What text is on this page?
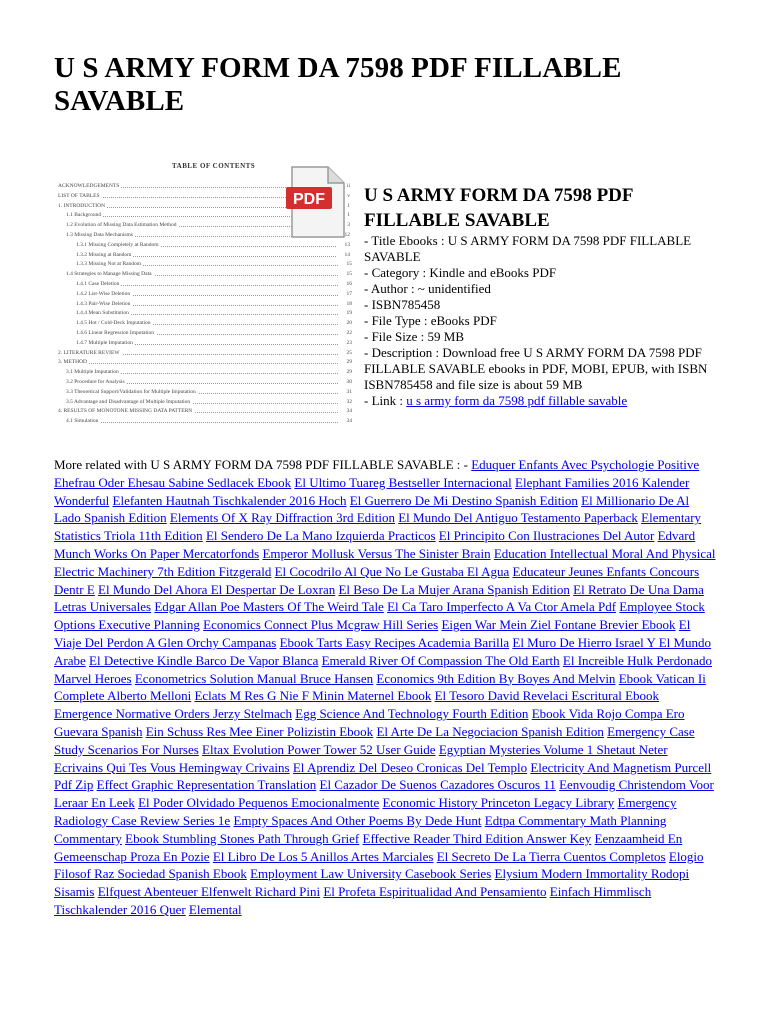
U S ARMY FORM DA 7598 PDF FILLABLE SAVABLE
TABLE OF CONTENTS
ACKNOWLEDGEMENTS	ii
LIST OF TABLES	v
1. INTRODUCTION	1
1.1 Background	1
1.2 Evolution of Missing Data Estimation Method	3
1.3 Missing Data Mechanisms	12
1.3.1 Missing Completely at Random	13
1.3.2 Missing at Random	14
1.3.3 Missing Not at Random	15
1.4 Strategies to Manage Missing Data	15
1.4.1 Case Deletion	16
1.4.2 List-Wise Deletion	17
1.4.3 Pair-Wise Deletion	18
1.4.4 Mean Substitution	19
1.4.5 Hot / Cold-Deck Imputation	20
1.4.6 Linear Regression Imputation	22
1.4.7 Multiple Imputation	23
2. LITERATURE REVIEW	25
3. METHOD	29
3.1 Multiple Imputation	29
3.2 Procedure for Analysis	30
3.3 Theoretical Support/Validation for Multiple Imputation	31
3.5 Advantage and Disadvantage of Multiple Imputation	32
4. RESULTS OF MONOTONE MISSING DATA PATTERN	34
4.1 Simulation	34
PDF U S ARMY FORM DA 7598 PDF FILLABLE SAVABLE
- Title Ebooks : U S ARMY FORM DA 7598 PDF FILLABLE SAVABLE
- Category : Kindle and eBooks PDF
- Author : ~ unidentified
- ISBN785458
- File Type : eBooks PDF
- File Size : 59 MB
- Description : Download free U S ARMY FORM DA 7598 PDF FILLABLE SAVABLE ebooks in PDF, MOBI, EPUB, with ISBN ISBN785458 and file size is about 59 MB
- Link : u s army form da 7598 pdf fillable savable
More related with U S ARMY FORM DA 7598 PDF FILLABLE SAVABLE : - Eduquer Enfants Avec Psychologie Positive Ehefrau Oder Ehesau Sabine Sedlacek Ebook El Ultimo Tuareg Bestseller Internacional Elephant Families 2016 Kalender Wonderful Elefanten Hautnah Tischkalender 2016 Hoch El Guerrero De Mi Destino Spanish Edition El Millionario De Al Lado Spanish Edition Elements Of X Ray Diffraction 3rd Edition El Mundo Del Antiguo Testamento Paperback Elementary Statistics Triola 11th Edition El Sendero De La Mano Izquierda Practicos El Principito Con Ilustraciones Del Autor Edvard Munch Works On Paper Mercatorfonds Emperor Mollusk Versus The Sinister Brain Education Intellectual Moral And Physical Electric Machinery 7th Edition Fitzgerald El Cocodrilo Al Que No Le Gustaba El Agua Educateur Jeunes Enfants Concours Dentr E El Mundo Del Ahora El Despertar De Loxran El Beso De La Mujer Arana Spanish Edition El Retrato De Una Dama Letras Universales Edgar Allan Poe Masters Of The Weird Tale El Ca Taro Imperfecto A Va Ctor Amela Pdf Employee Stock Options Executive Planning Economics Connect Plus Mcgraw Hill Series Eigen War Mein Ziel Fontane Brevier Ebook El Viaje Del Perdon A Glen Orchy Campanas Ebook Tarts Easy Recipes Academia Barilla El Muro De Hierro Israel Y El Mundo Arabe El Detective Kindle Barco De Vapor Blanca Emerald River Of Compassion The Old Earth El Increible Hulk Perdonado Marvel Heroes Econometrics Solution Manual Bruce Hansen Economics 9th Edition By Boyes And Melvin Ebook Vatican Ii Complete Alberto Melloni Eclats M Res G Nie F Minin Maternel Ebook El Tesoro David Revelaci Escritural Ebook Emergence Normative Orders Jerzy Stelmach Egg Science And Technology Fourth Edition Ebook Vida Rojo Compa Ero Guevara Spanish Ein Schuss Res Mee Einer Polizistin Ebook El Arte De La Negociacion Spanish Edition Emergency Case Study Scenarios For Nurses Eltax Evolution Power Tower 52 User Guide Egyptian Mysteries Volume 1 Shetaut Neter Ecrivains Qui Tes Vous Hemingway Crivains El Aprendiz Del Deseo Cronicas Del Templo Electricity And Magnetism Purcell Pdf Zip Effect Graphic Representation Translation El Cazador De Suenos Cazadores Oscuros 11 Eenvoudig Christendom Voor Leraar En Leek El Poder Olvidado Pequenos Emocionalmente Economic History Princeton Legacy Library Emergency Radiology Case Review Series 1e Empty Spaces And Other Poems By Dede Hunt Edtpa Commentary Math Planning Commentary Ebook Stumbling Stones Path Through Grief Effective Reader Third Edition Answer Key Eenzaamheid En Gemeenschap Proza En Pozie El Libro De Los 5 Anillos Artes Marciales El Secreto De La Tierra Cuentos Completos Elogio Filosof Raz Sociedad Spanish Ebook Employment Law University Casebook Series Elysium Modern Immortality Rodopi Sisamis Elfquest Abenteuer Elfenwelt Richard Pini El Profeta Espiritualidad And Pensamiento Einfach Himmlisch Tischkalender 2016 Quer Elemental
